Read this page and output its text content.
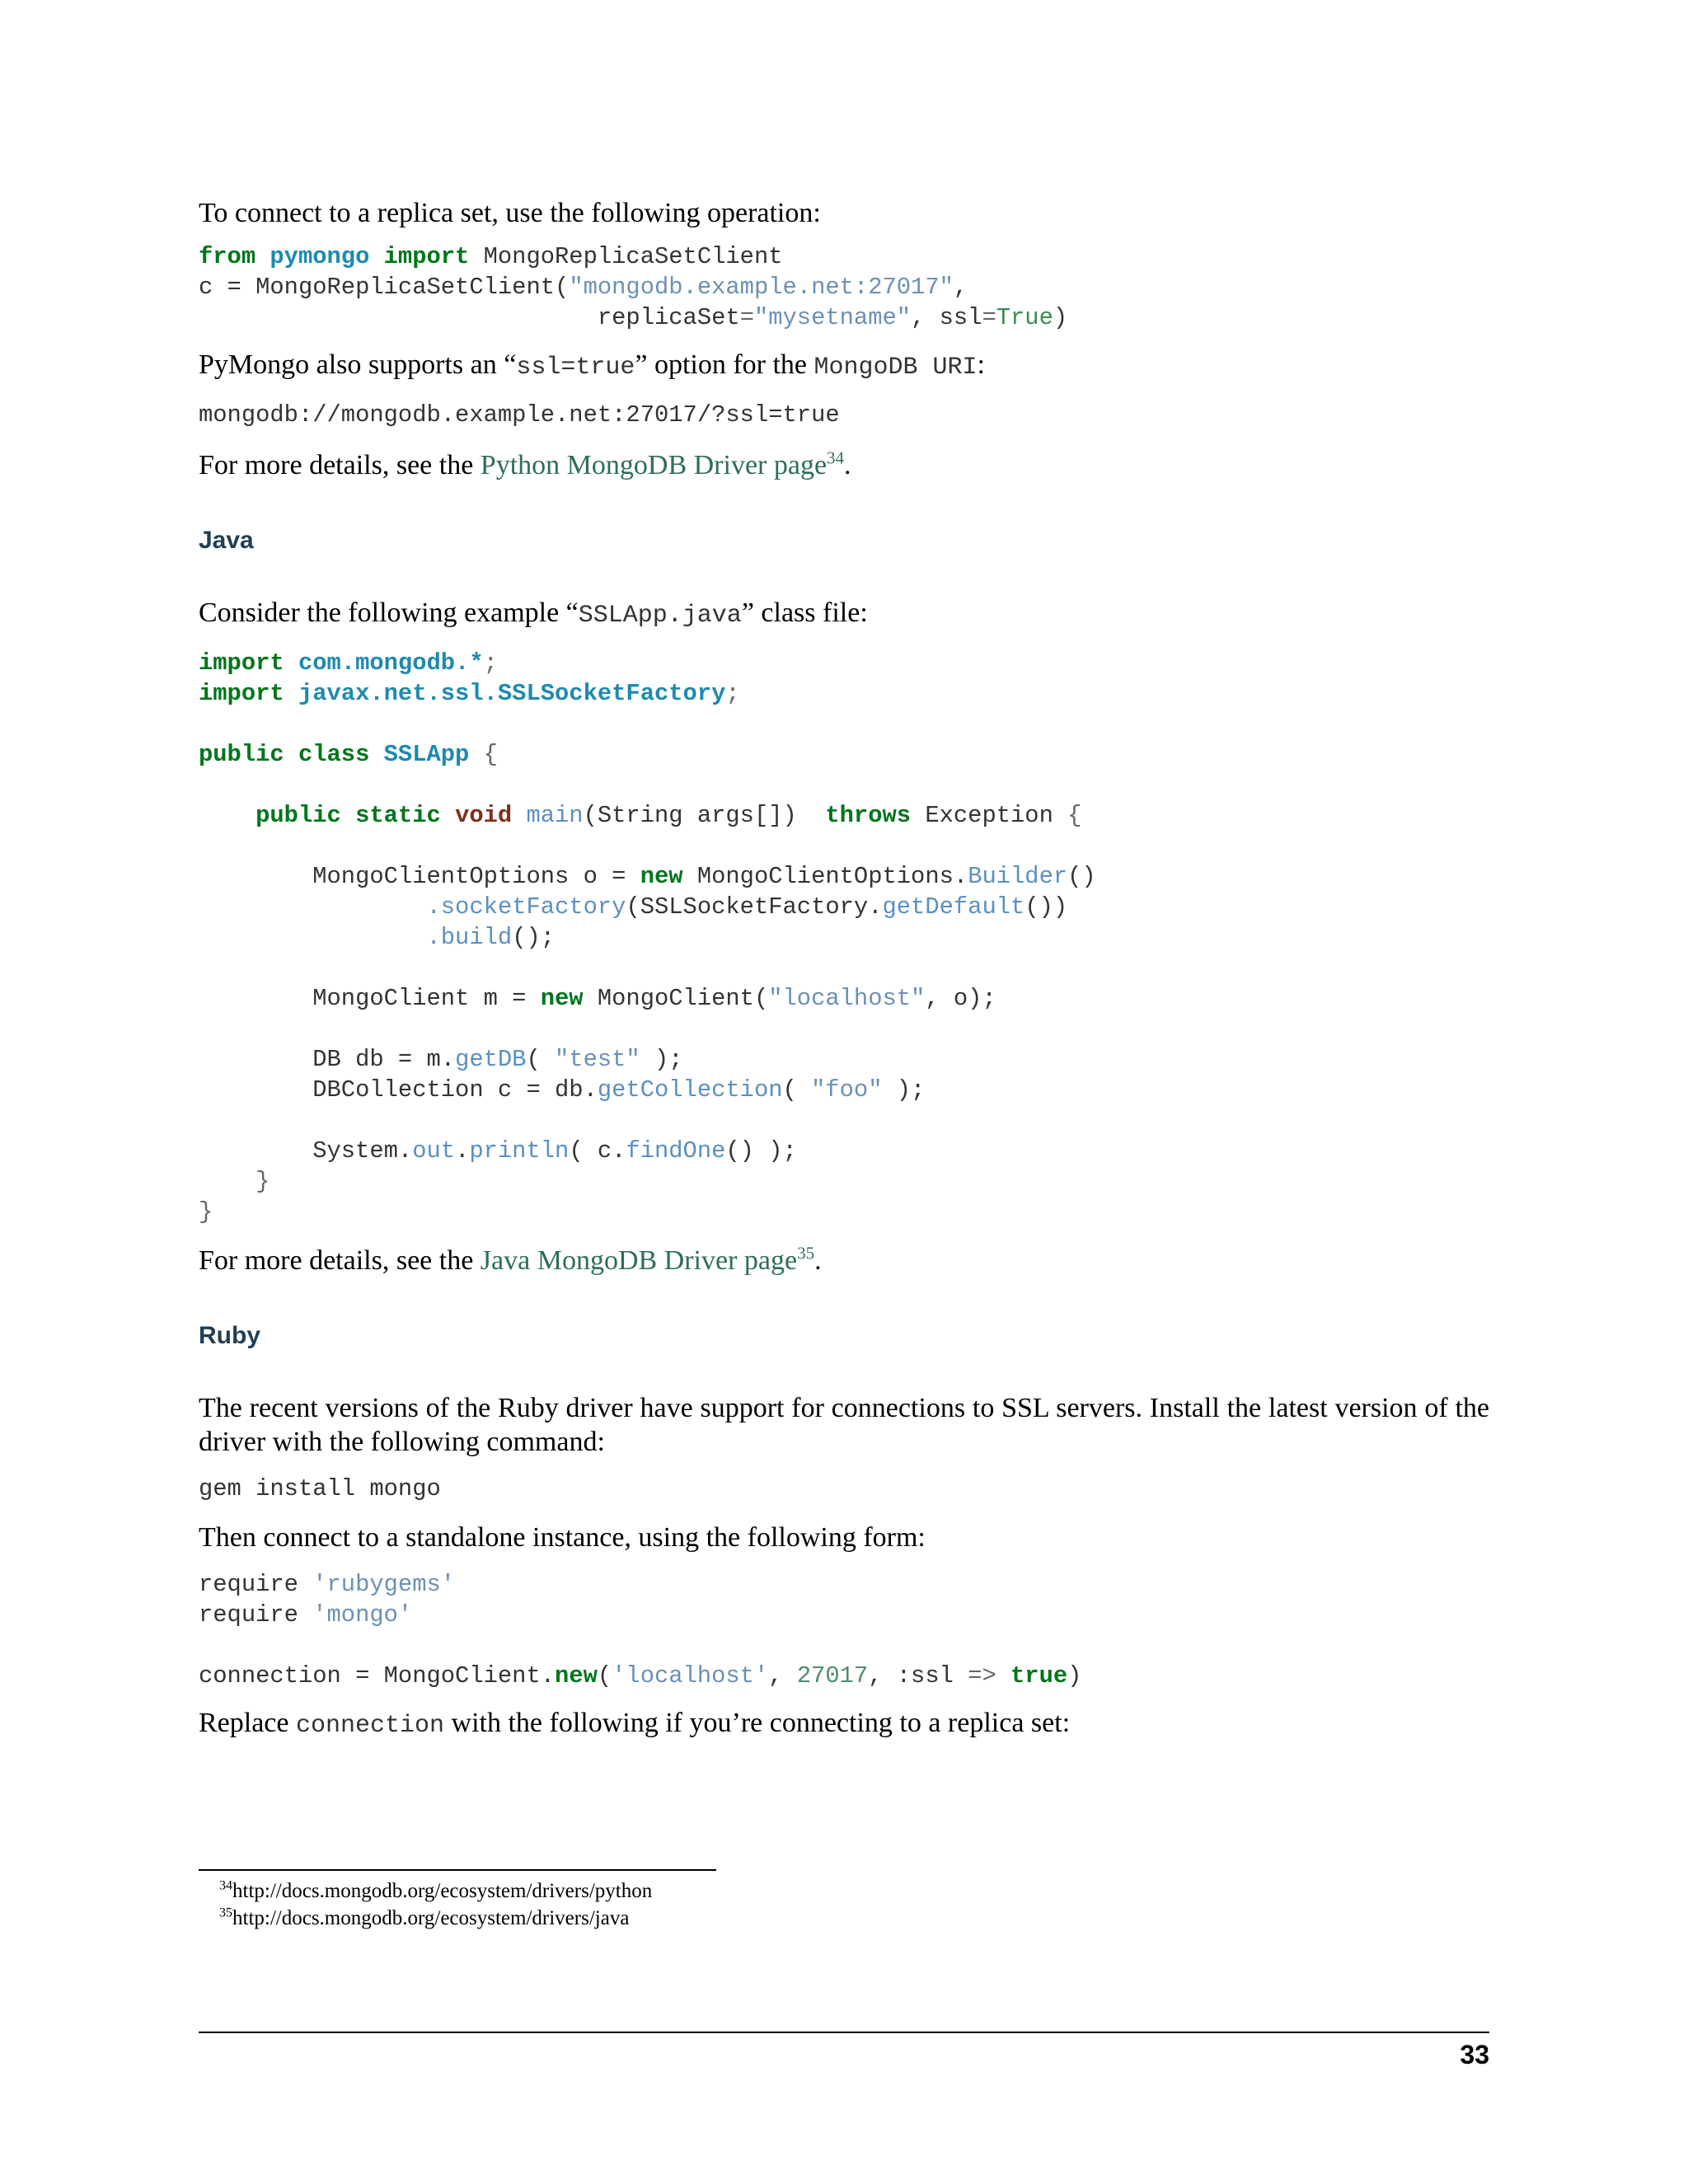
To connect to a replica set, use the following operation:

from pymongo import MongoReplicaSetClient
c = MongoReplicaSetClient("mongodb.example.net:27017",
replicaSet="mysetname", ssl=True)

PyMongo also supports an “ssl=true” option for the MongoDB URI:

mongodb://mongodb.example.net:27017/?ssl=true

For more details, see the Python MongoDB Driver page$^{34}$.

Java

Consider the following example “SSLApp.java” class file:

import com.mongodb.*;
import javax.net.ssl.SSLSocketFactory;

public class SSLApp {

public static void main(String args[]) throws Exception {

MongoClientOptions o = new MongoClientOptions.Builder()
.socketFactory(SSLSocketFactory.getDefault())
.build();

MongoClient m = new MongoClient("localhost", o);

DB db = m.getDB( "test" );
DBCollection c = db.getCollection( "foo" );

System.out.println( c.findOne() );
}
}

For more details, see the Java MongoDB Driver page$^{35}$.

Ruby

The recent versions of the Ruby driver have support for connections to SSL servers. Install the latest version of the driver with the following command:

gem install mongo

Then connect to a standalone instance, using the following form:

require 'rubygems'
require 'mongo'

connection = MongoClient.new('localhost', 27017, :ssl => true)

Replace connection with the following if you’re connecting to a replica set:

$^{34}$http://docs.mongodb.org/ecosystem/drivers/python
$^{35}$http://docs.mongodb.org/ecosystem/drivers/java
33
